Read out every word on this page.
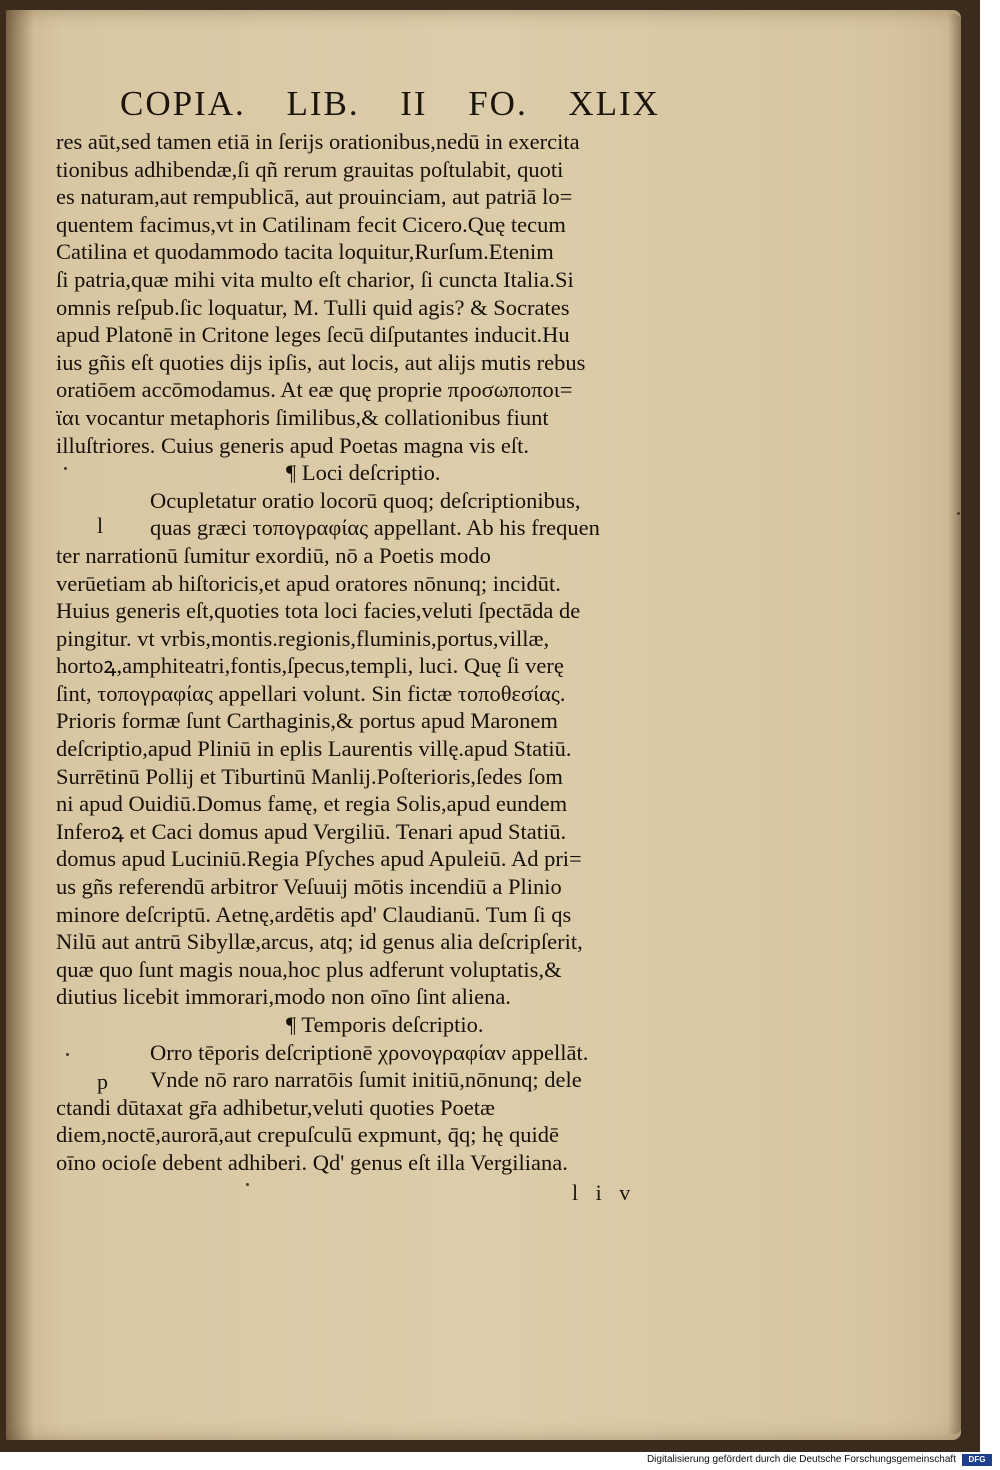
COPIA. LIB. II FO. XLIX
res aūt,sed tamen etiā in ſerijs orationibus,nedū in exercita
tionibus adhibendæ,ſi qñ rerum grauitas poſtulabit, quoti
es naturam,aut rempublicā, aut prouinciam, aut patriā lo=
quentem facimus,vt in Catilinam fecit Cicero.Quę tecum
Catilina et quodammodo tacita loquitur,Rurſum.Etenim
ſi patria,quæ mihi vita multo eſt charior, ſi cuncta Italia.Si
omnis reſpub.ſic loquatur, M. Tulli quid agis? & Socrates
apud Platonē in Critone leges ſecū diſputantes inducit.Hu
ius gñis eſt quoties dijs ipſis, aut locis, aut alijs mutis rebus
oratiōem accōmodamus. At eæ quę proprie προσωποποι=
ϊαι vocantur metaphoris ſimilibus,& collationibus fiunt
illuſtriores. Cuius generis apud Poetas magna vis eſt.
¶ Loci deſcriptio.
Ocupletatur oratio locorū quoq; deſcriptionibus,
quas græci τοπογραφίας appellant. Ab his frequen
ter narrationū ſumitur exordiū, nō a Poetis modo
verūetiam ab hiſtoricis,et apud oratores nōnunq; incidūt.
Huius generis eſt,quoties tota loci facies,veluti ſpectāda de
pingitur. vt vrbis,montis.regionis,fluminis,portus,villæ,
hortoꝝ,amphiteatri,fontis,ſpecus,templi, luci. Quę ſi verę
ſint, τοπογραφίας appellari volunt. Sin fictæ τοποθεσίας.
Prioris formæ ſunt Carthaginis,& portus apud Maronem
deſcriptio,apud Pliniū in eplis Laurentis villę.apud Statiū.
Surrētinū Pollij et Tiburtinū Manlij.Poſterioris,ſedes ſom
ni apud Ouidiū.Domus famę, et regia Solis,apud eundem
Inferoꝝ et Caci domus apud Vergiliū. Tenari apud Statiū.
domus apud Luciniū.Regia Pſyches apud Apuleiū. Ad pri=
us gñs referendū arbitror Veſuuij mōtis incendiū a Plinio
minore deſcriptū. Aetnę,ardētis apd' Claudianū. Tum ſi qs
Nilū aut antrū Sibyllæ,arcus, atq; id genus alia deſcripſerit,
quæ quo ſunt magis noua,hoc plus adferunt voluptatis,&
diutius licebit immorari,modo non oīno ſint aliena.
¶ Temporis deſcriptio.
Orro tēporis deſcriptionē χρονογραφίαν appellāt.
Vnde nō raro narratōis ſumit initiū,nōnunq; dele
ctandi dūtaxat gr̄a adhibetur,veluti quoties Poetæ
diem,noctē,aurorā,aut crepuſculū expmunt, q̄q; hę quidē
oīno ocioſe debent adhiberi. Qd' genus eſt illa Vergiliana.
l
p
l i v
Digitalisierung gefördert durch die Deutsche Forschungsgemeinschaft	DFG
